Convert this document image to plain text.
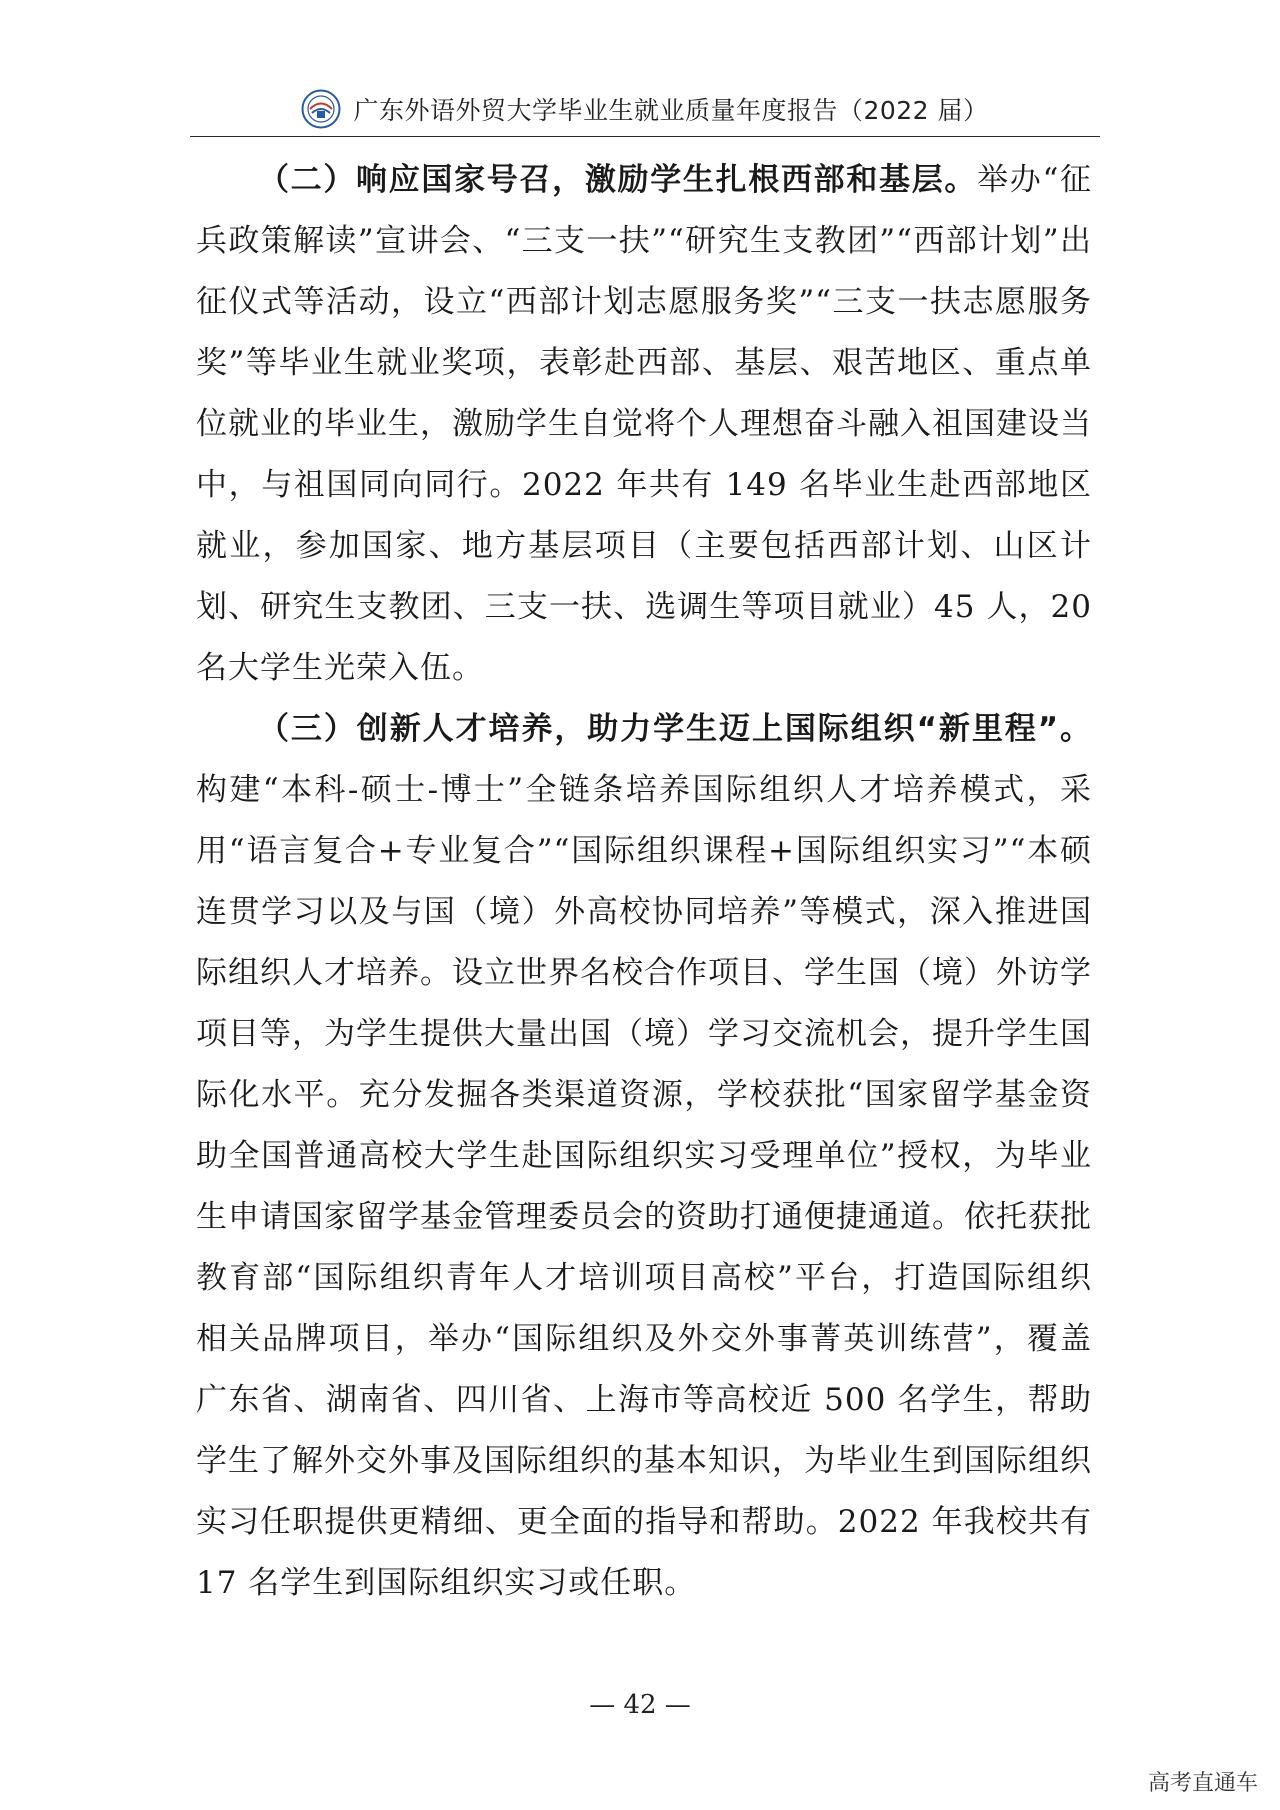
广东外语外贸大学毕业生就业质量年度报告（2022 届）

（二）响应国家号召，激励学生扎根西部和基层。举办“征兵政策解读”宣讲会、“三支一扶”“研究生支教团”“西部计划”出征仪式等活动，设立“西部计划志愿服务奖”“三支一扶志愿服务奖”等毕业生就业奖项，表彰赴西部、基层、艰苦地区、重点单位就业的毕业生，激励学生自觉将个人理想奋斗融入祖国建设当中，与祖国同向同行。2022 年共有 149 名毕业生赴西部地区就业，参加国家、地方基层项目（主要包括西部计划、山区计划、研究生支教团、三支一扶、选调生等项目就业）45 人，20 名大学生光荣入伍。

（三）创新人才培养，助力学生迈上国际组织“新里程”。构建“本科-硕士-博士”全链条培养国际组织人才培养模式，采用“语言复合+专业复合”“国际组织课程+国际组织实习”“本硕连贯学习以及与国（境）外高校协同培养”等模式，深入推进国际组织人才培养。设立世界名校合作项目、学生国（境）外访学项目等，为学生提供大量出国（境）学习交流机会，提升学生国际化水平。充分发掘各类渠道资源，学校获批“国家留学基金资助全国普通高校大学生赴国际组织实习受理单位”授权，为毕业生申请国家留学基金管理委员会的资助打通便捷通道。依托获批教育部“国际组织青年人才培训项目高校”平台，打造国际组织相关品牌项目，举办“国际组织及外交外事菁英训练营”，覆盖广东省、湖南省、四川省、上海市等高校近 500 名学生，帮助学生了解外交外事及国际组织的基本知识，为毕业生到国际组织实习任职提供更精细、更全面的指导和帮助。2022 年我校共有 17 名学生到国际组织实习或任职。

— 42 —
高考直通车
